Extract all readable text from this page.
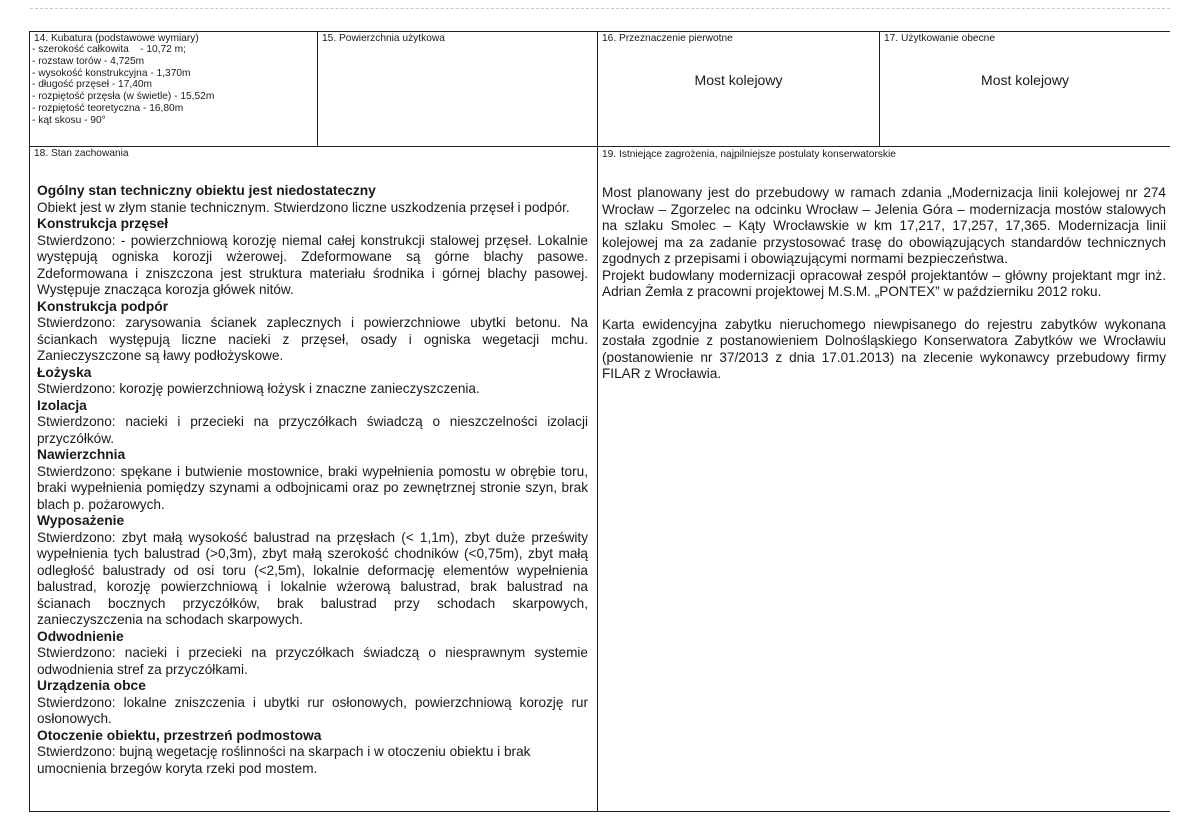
14. Kubatura (podstawowe wymiary)
- szerokość całkowita    - 10,72 m;
- rozstaw torów - 4,725m
- wysokość konstrukcyjna - 1,370m
- długość przęseł - 17,40m
- rozpiętość przęsła (w świetle) - 15,52m
- rozpiętość teoretyczna - 16,80m
- kąt skosu - 90°
15. Powierzchnia użytkowa	16. Przeznaczenie pierwotne
Most kolejowy
17. Użytkowanie obecne
Most kolejowy
18. Stan zachowania	19. Istniejące zagrożenia, najpilniejsze postulaty konserwatorskie
Ogólny stan techniczny obiektu jest niedostateczny

Obiekt jest w złym stanie technicznym. Stwierdzono liczne uszkodzenia przęseł i podpór.

Konstrukcja przęseł

Stwierdzono: - powierzchniową korozję niemal całej konstrukcji stalowej przęseł. Lokalnie występują ogniska korozji wżerowej. Zdeformowane są górne blachy pasowe. Zdeformowana i zniszczona jest struktura materiału środnika i górnej blachy pasowej. Występuje znacząca korozja główek nitów.

Konstrukcja podpór

Stwierdzono: zarysowania ścianek zaplecznych i powierzchniowe ubytki betonu. Na ściankach występują liczne nacieki z przęseł, osady i ogniska wegetacji mchu. Zanieczyszczone są ławy podłożyskowe.

Łożyska

Stwierdzono: korozję powierzchniową łożysk i znaczne zanieczyszczenia.

Izolacja

Stwierdzono: nacieki i przecieki na przyczółkach świadczą o nieszczelności izolacji przyczółków.

Nawierzchnia

Stwierdzono: spękane i butwienie mostownice, braki wypełnienia pomostu w obrębie toru, braki wypełnienia pomiędzy szynami a odbojnicami oraz po zewnętrznej stronie szyn, brak blach p. pożarowych.

Wyposażenie

Stwierdzono: zbyt małą wysokość balustrad na przęsłach (< 1,1m), zbyt duże prześwity wypełnienia tych balustrad (>0,3m), zbyt małą szerokość chodników (<0,75m), zbyt małą odległość balustrady od osi toru (<2,5m), lokalnie deformację elementów wypełnienia balustrad, korozję powierzchniową i lokalnie wżerową balustrad, brak balustrad na ścianach bocznych przyczółków, brak balustrad przy schodach skarpowych, zanieczyszczenia na schodach skarpowych.

Odwodnienie

Stwierdzono: nacieki i przecieki na przyczółkach świadczą o niesprawnym systemie odwodnienia stref za przyczółkami.

Urządzenia obce

Stwierdzono: lokalne zniszczenia i ubytki rur osłonowych, powierzchniową korozję rur osłonowych.

Otoczenie obiektu, przestrzeń podmostowa

Stwierdzono: bujną wegetację roślinności na skarpach i w otoczeniu obiektu i brak umocnienia brzegów koryta rzeki pod mostem.

Most planowany jest do przebudowy w ramach zdania „Modernizacja linii kolejowej nr 274 Wrocław – Zgorzelec na odcinku Wrocław – Jelenia Góra – modernizacja mostów stalowych na szlaku Smolec – Kąty Wrocławskie w km 17,217, 17,257, 17,365. Modernizacja linii kolejowej ma za zadanie przystosować trasę do obowiązujących standardów technicznych zgodnych z przepisami i obowiązującymi normami bezpieczeństwa.

Projekt budowlany modernizacji opracował zespół projektantów – główny projektant mgr inż. Adrian Żemła z pracowni projektowej M.S.M. „PONTEX” w październiku 2012 roku.

Karta ewidencyjna zabytku nieruchomego niewpisanego do rejestru zabytków wykonana została zgodnie z postanowieniem Dolnośląskiego Konserwatora Zabytków we Wrocławiu (postanowienie nr 37/2013 z dnia 17.01.2013) na zlecenie wykonawcy przebudowy firmy FILAR z Wrocławia.
